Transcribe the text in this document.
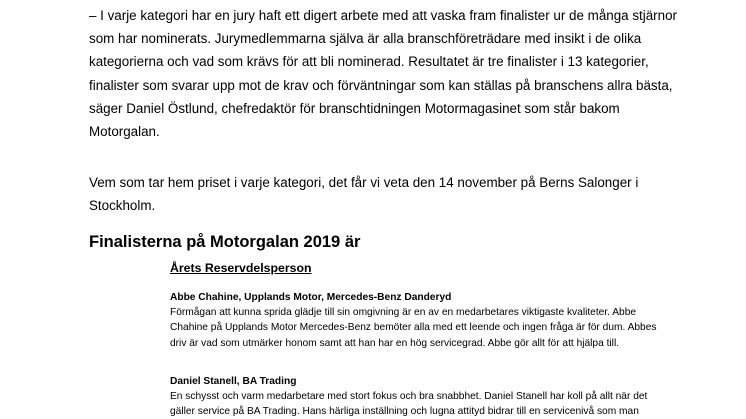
– I varje kategori har en jury haft ett digert arbete med att vaska fram finalister ur de många stjärnor som har nominerats. Jurymedlemmarna själva är alla branschföreträdare med insikt i de olika kategorierna och vad som krävs för att bli nominerad. Resultatet är tre finalister i 13 kategorier, finalister som svarar upp mot de krav och förväntningar som kan ställas på branschens allra bästa, säger Daniel Östlund, chefredaktör för branschtidningen Motormagasinet som står bakom Motorgalan.

Vem som tar hem priset i varje kategori, det får vi veta den 14 november på Berns Salonger i Stockholm.

Finalisterna på Motorgalan 2019 är
Årets Reservdelsperson
Abbe Chahine, Upplands Motor, Mercedes-Benz Danderyd
Förmågan att kunna sprida glädje till sin omgivning är en av en medarbetares viktigaste kvaliteter. Abbe Chahine på Upplands Motor Mercedes-Benz bemöter alla med ett leende och ingen fråga är för dum. Abbes driv är vad som utmärker honom samt att han har en hög servicegrad. Abbe gör allt för att hjälpa till.
Daniel Stanell, BA Trading
En schysst och varm medarbetare med stort fokus och bra snabbhet. Daniel Stanell har koll på allt när det gäller service på BA Trading. Hans härliga inställning och lugna attityd bidrar till en servicenivå som man
